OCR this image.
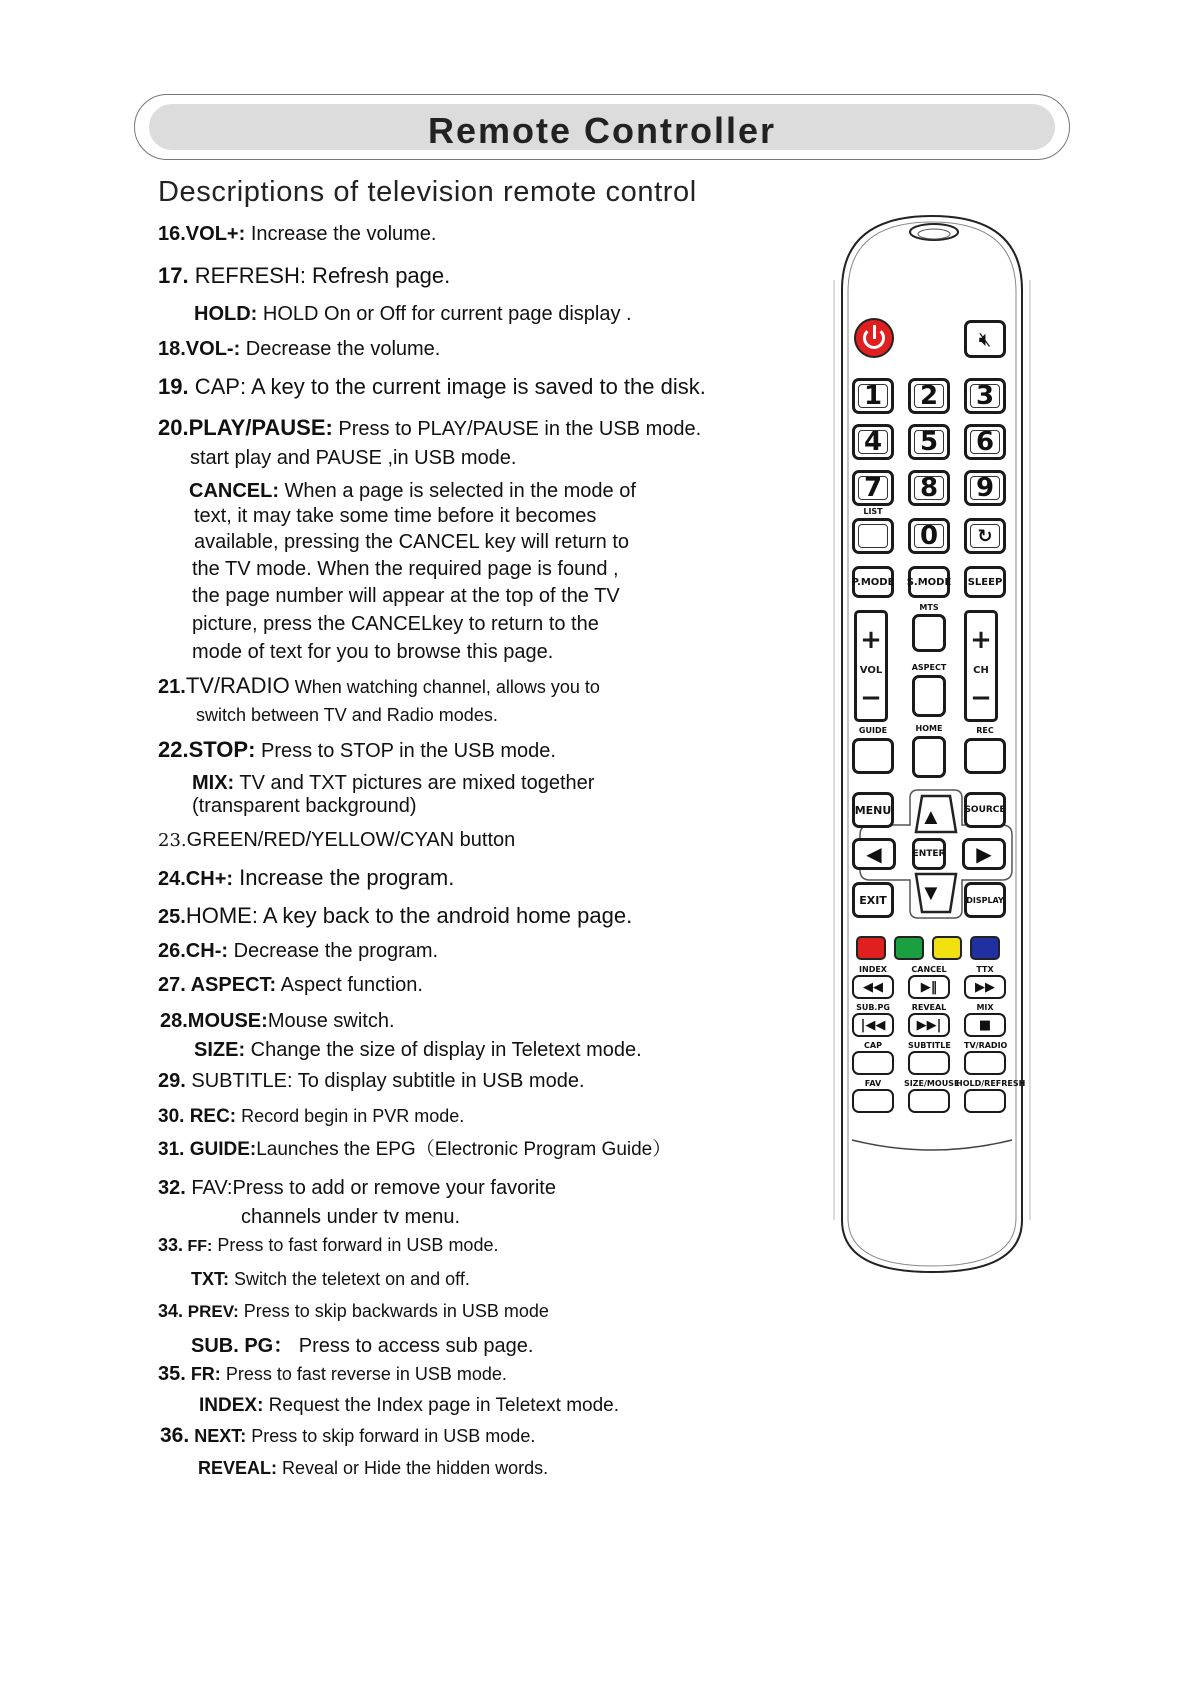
Remote Controller
Descriptions of television remote control
16.VOL+: Increase the volume.
17. REFRESH: Refresh page.
HOLD: HOLD On or Off for current page display .
18.VOL-: Decrease the volume.
19. CAP: A key to the current image is saved to the disk.
20.PLAY/PAUSE: Press to PLAY/PAUSE in the USB mode.
start play and PAUSE ,in USB mode.
CANCEL: When a page is selected in the mode of
text, it may take some time before it becomes
available, pressing the CANCEL key will return to
the TV mode. When the required page is found ,
the page number will appear at the top of the TV
picture, press the CANCELkey to return to the
mode of text for you to browse this page.
21.TV/RADIO When watching channel, allows you to
switch between TV and Radio modes.
22.STOP: Press to STOP in the USB mode.
MIX: TV and TXT pictures are mixed together
(transparent background)
23.GREEN/RED/YELLOW/CYAN button
24.CH+: Increase the program.
25.HOME: A key back to the android home page.
26.CH-: Decrease the program.
27. ASPECT: Aspect function.
28.MOUSE:Mouse switch.
SIZE: Change the size of display in Teletext mode.
29. SUBTITLE: To display subtitle in USB mode.
30. REC: Record begin in PVR mode.
31. GUIDE:Launches the EPG（Electronic Program Guide）
32. FAV:Press to add or remove your favorite
channels under tv menu.
33. FF: Press to fast forward in USB mode.
TXT: Switch the teletext on and off.
34. PREV: Press to skip backwards in USB mode
SUB. PG： Press to access sub page.
35. FR: Press to fast reverse in USB mode.
INDEX: Request the Index page in Teletext mode.
36. NEXT: Press to skip forward in USB mode.
REVEAL: Reveal or Hide the hidden words.
🔇︎
1	2	3
4	5	6
7	8	9
LIST
0	↻
P.MODE S.MODE	SLEEP
+
VOL
−
MTS
ASPECT
+
CH
−
GUIDE	HOME	REC
MENU ▲	SOURCE
◀	ENTER ▶
EXIT	▼	DISPLAY
INDEX	CANCEL	TTX
◀◀	▶‖	▶▶
SUB.PG	REVEAL	MIX
|◀◀ ▶▶|	■
CAP	SUBTITLE TV/RADIO
FAV	SIZE/MOUSE
HOLD/REFRESH
